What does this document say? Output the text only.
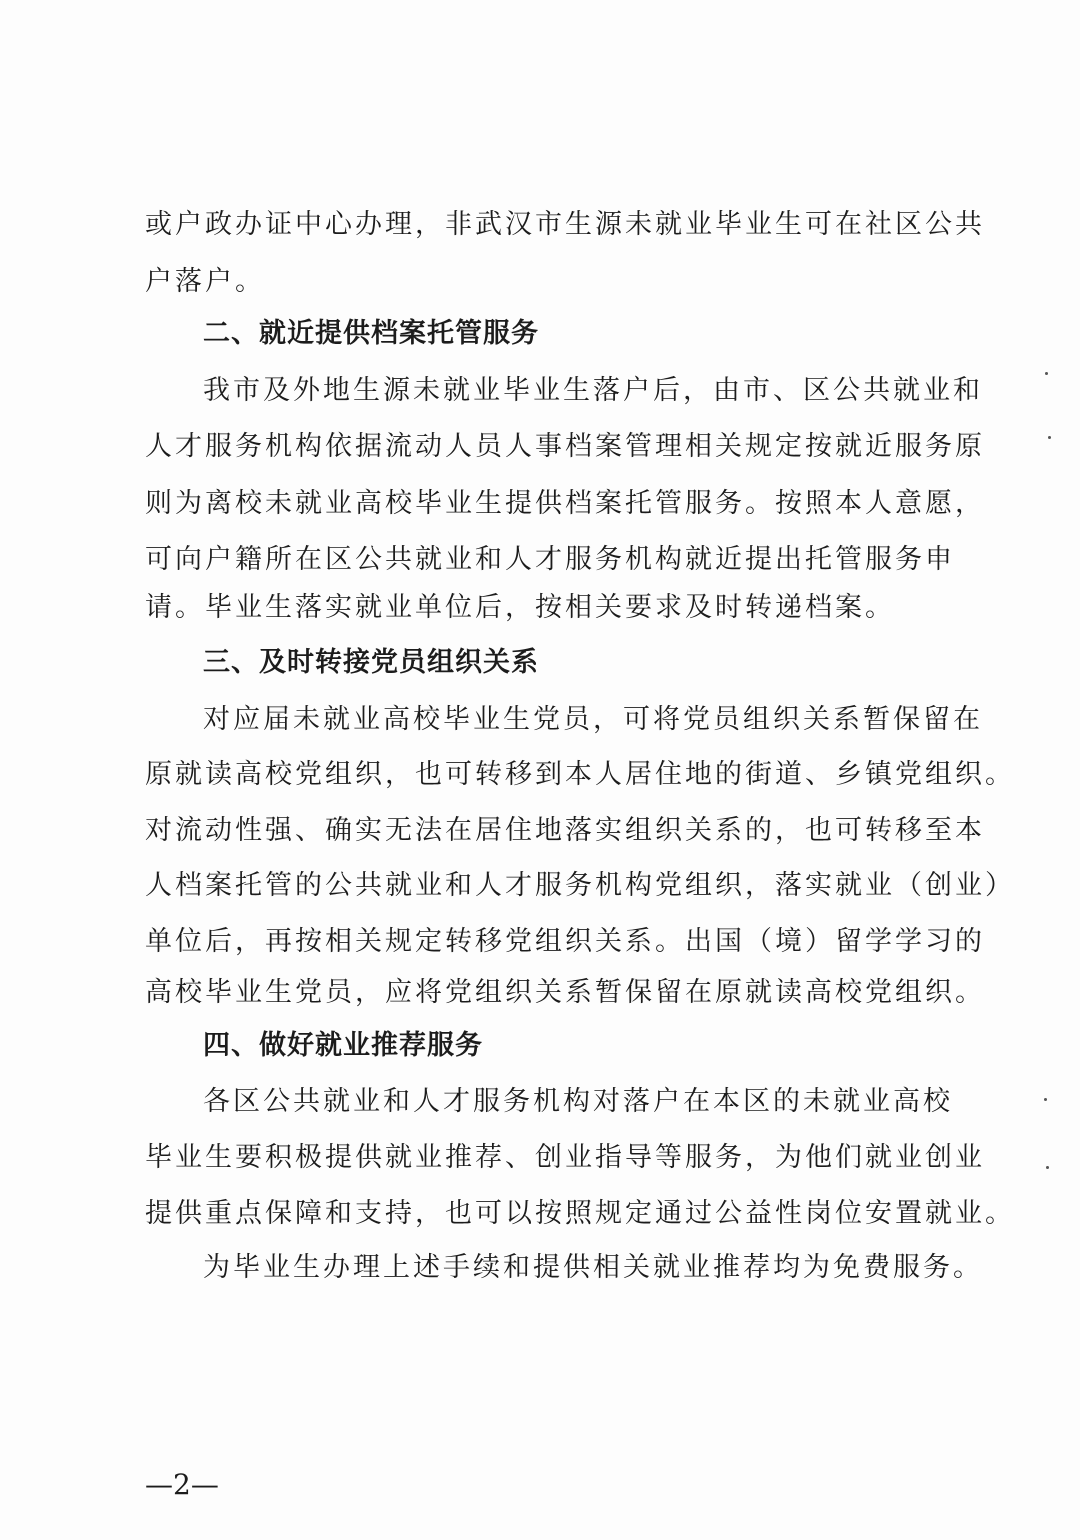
或户政办证中心办理，非武汉市生源未就业毕业生可在社区公共
户落户。
二、就近提供档案托管服务
我市及外地生源未就业毕业生落户后，由市、区公共就业和
人才服务机构依据流动人员人事档案管理相关规定按就近服务原
则为离校未就业高校毕业生提供档案托管服务。按照本人意愿，
可向户籍所在区公共就业和人才服务机构就近提出托管服务申
请。毕业生落实就业单位后，按相关要求及时转递档案。
三、及时转接党员组织关系
对应届未就业高校毕业生党员，可将党员组织关系暂保留在
原就读高校党组织，也可转移到本人居住地的街道、乡镇党组织。
对流动性强、确实无法在居住地落实组织关系的，也可转移至本
人档案托管的公共就业和人才服务机构党组织，落实就业（创业）
单位后，再按相关规定转移党组织关系。出国（境）留学学习的
高校毕业生党员，应将党组织关系暂保留在原就读高校党组织。
四、做好就业推荐服务
各区公共就业和人才服务机构对落户在本区的未就业高校
毕业生要积极提供就业推荐、创业指导等服务，为他们就业创业
提供重点保障和支持，也可以按照规定通过公益性岗位安置就业。
为毕业生办理上述手续和提供相关就业推荐均为免费服务。
—2—
